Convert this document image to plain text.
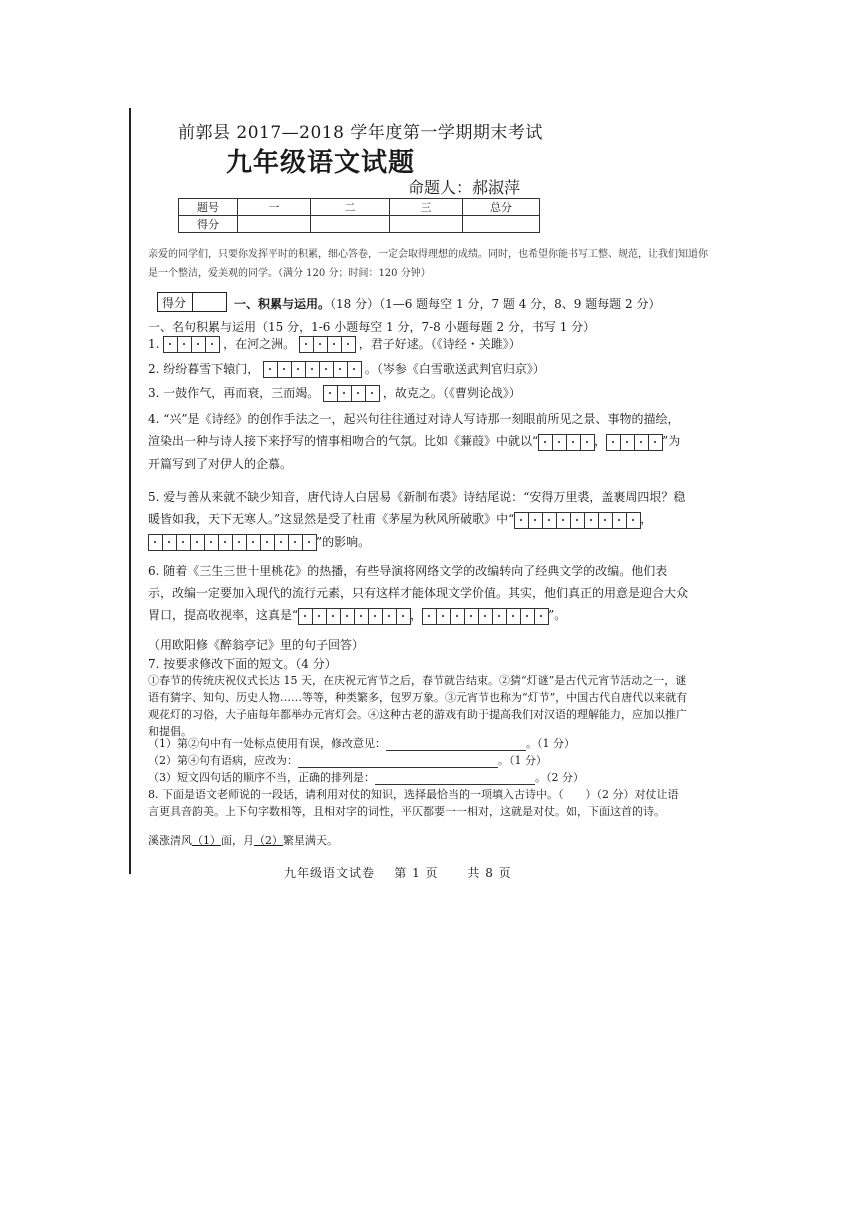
前郭县 2017—2018 学年度第一学期期末考试
九年级语文试题
命题人：郝淑萍
题号	一	二	三	总分
得分				
亲爱的同学们，只要你发挥平时的积累，细心答卷，一定会取得理想的成绩。同时，也希望你能书写工整、规范，让我们知道你是一个整洁，爱美观的同学。（满分 120 分；时间：120 分钟）
得分	一、积累与运用。（18 分）（1—6 题每空 1 分，7 题 4 分，8、9 题每题 2 分）
一、名句积累与运用（15 分，1-6 小题每空 1 分，7-8 小题每题 2 分，书写 1 分）
1.	，在河之洲。	，君子好逑。（《诗经・关雎》）
2. 纷纷暮雪下辕门，	。（岑参《白雪歌送武判官归京》）
3. 一鼓作气，再而衰，三而竭。	，故克之。（《曹刿论战》）
4. “兴”是《诗经》的创作手法之一，起兴句往往通过对诗人写诗那一刻眼前所见之景、事物的描绘，渲染出一种与诗人接下来抒写的情事相吻合的气氛。比如《蒹葭》中就以“	，	”为开篇写到了对伊人的企慕。
5. 爱与善从来就不缺少知音，唐代诗人白居易《新制布裘》诗结尾说：“安得万里裘，盖裹周四垠？稳暖皆如我，天下无寒人。”这显然是受了杜甫《茅屋为秋风所破歌》中“	，”的影响。
6. 随着《三生三世十里桃花》的热播，有些导演将网络文学的改编转向了经典文学的改编。他们表示，改编一定要加入现代的流行元素，只有这样才能体现文学价值。其实，他们真正的用意是迎合大众胃口，提高收视率，这真是“	，	”。
（用欧阳修《醉翁亭记》里的句子回答）
7. 按要求修改下面的短文。（4 分）
①春节的传统庆祝仪式长达 15 天，在庆祝元宵节之后，春节就告结束。②猜“灯谜”是古代元宵节活动之一，谜语有猜字、知句、历史人物……等等，种类繁多，包罗万象。③元宵节也称为“灯节”，中国古代自唐代以来就有观花灯的习俗，大子庙每年都举办元宵灯会。④这种古老的游戏有助于提高我们对汉语的理解能力，应加以推广和提倡。
（1）第②句中有一处标点使用有误，修改意见：	。（1 分）
（2）第④句有语病，应改为：	。（1 分）
（3）短文四句话的顺序不当，正确的排列是：	。（2 分）
8. 下面是语文老师说的一段话，请利用对仗的知识，选择最恰当的一项填入古诗中。（　　）（2 分）对仗让语言更具音韵美。上下句字数相等，且相对字的词性，平仄都要一一相对，这就是对仗。如，下面这首的诗。
溪涨清风（1）面，月（2）繁星满天。
九年级语文试卷    第 1 页      共 8 页
